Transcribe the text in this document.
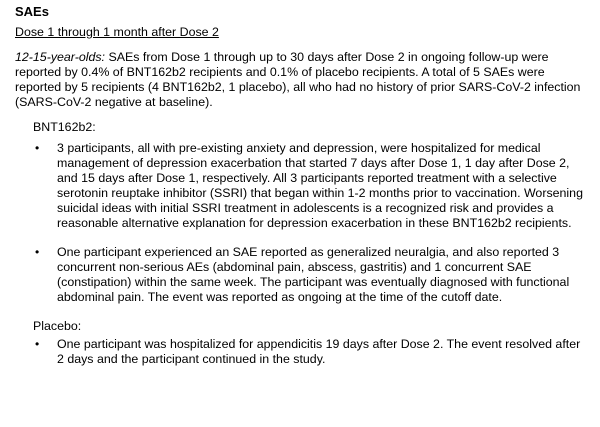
SAEs
Dose 1 through 1 month after Dose 2

12-15-year-olds: SAEs from Dose 1 through up to 30 days after Dose 2 in ongoing follow-up were reported by 0.4% of BNT162b2 recipients and 0.1% of placebo recipients. A total of 5 SAEs were reported by 5 recipients (4 BNT162b2, 1 placebo), all who had no history of prior SARS-CoV-2 infection (SARS-CoV-2 negative at baseline).

BNT162b2:
• 3 participants, all with pre-existing anxiety and depression, were hospitalized for medical management of depression exacerbation that started 7 days after Dose 1, 1 day after Dose 2, and 15 days after Dose 1, respectively. All 3 participants reported treatment with a selective serotonin reuptake inhibitor (SSRI) that began within 1-2 months prior to vaccination. Worsening suicidal ideas with initial SSRI treatment in adolescents is a recognized risk and provides a reasonable alternative explanation for depression exacerbation in these BNT162b2 recipients.
• One participant experienced an SAE reported as generalized neuralgia, and also reported 3 concurrent non-serious AEs (abdominal pain, abscess, gastritis) and 1 concurrent SAE (constipation) within the same week. The participant was eventually diagnosed with functional abdominal pain. The event was reported as ongoing at the time of the cutoff date.
Placebo:
• One participant was hospitalized for appendicitis 19 days after Dose 2. The event resolved after 2 days and the participant continued in the study.
